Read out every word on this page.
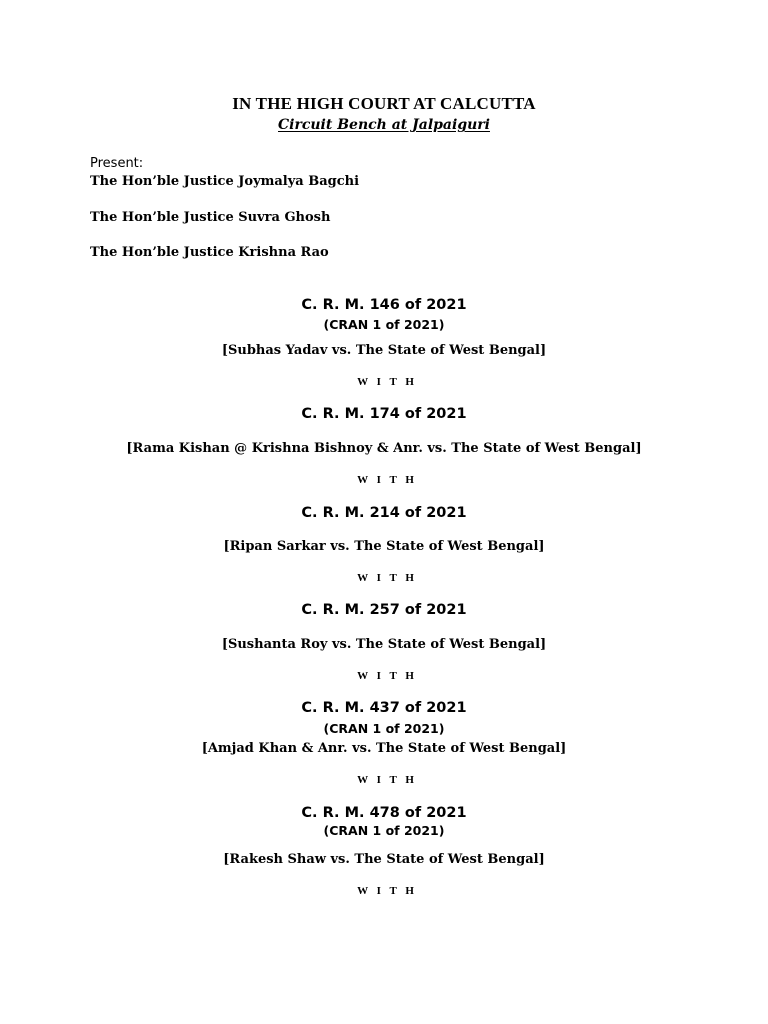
IN THE HIGH COURT AT CALCUTTA
Circuit Bench at Jalpaiguri
Present:
The Hon’ble Justice Joymalya Bagchi
The Hon’ble Justice Suvra Ghosh
The Hon’ble Justice Krishna Rao
C. R. M. 146 of 2021
(CRAN 1 of 2021)
[Subhas Yadav vs. The State of West Bengal]
W I T H
C. R. M. 174 of 2021
[Rama Kishan @ Krishna Bishnoy & Anr. vs. The State of West Bengal]
W I T H
C. R. M. 214 of 2021
[Ripan Sarkar vs. The State of West Bengal]
W I T H
C. R. M. 257 of 2021
[Sushanta Roy vs. The State of West Bengal]
W I T H
C. R. M. 437 of 2021
(CRAN 1 of 2021)
[Amjad Khan & Anr. vs. The State of West Bengal]
W I T H
C. R. M. 478 of 2021
(CRAN 1 of 2021)
[Rakesh Shaw vs. The State of West Bengal]
W I T H
